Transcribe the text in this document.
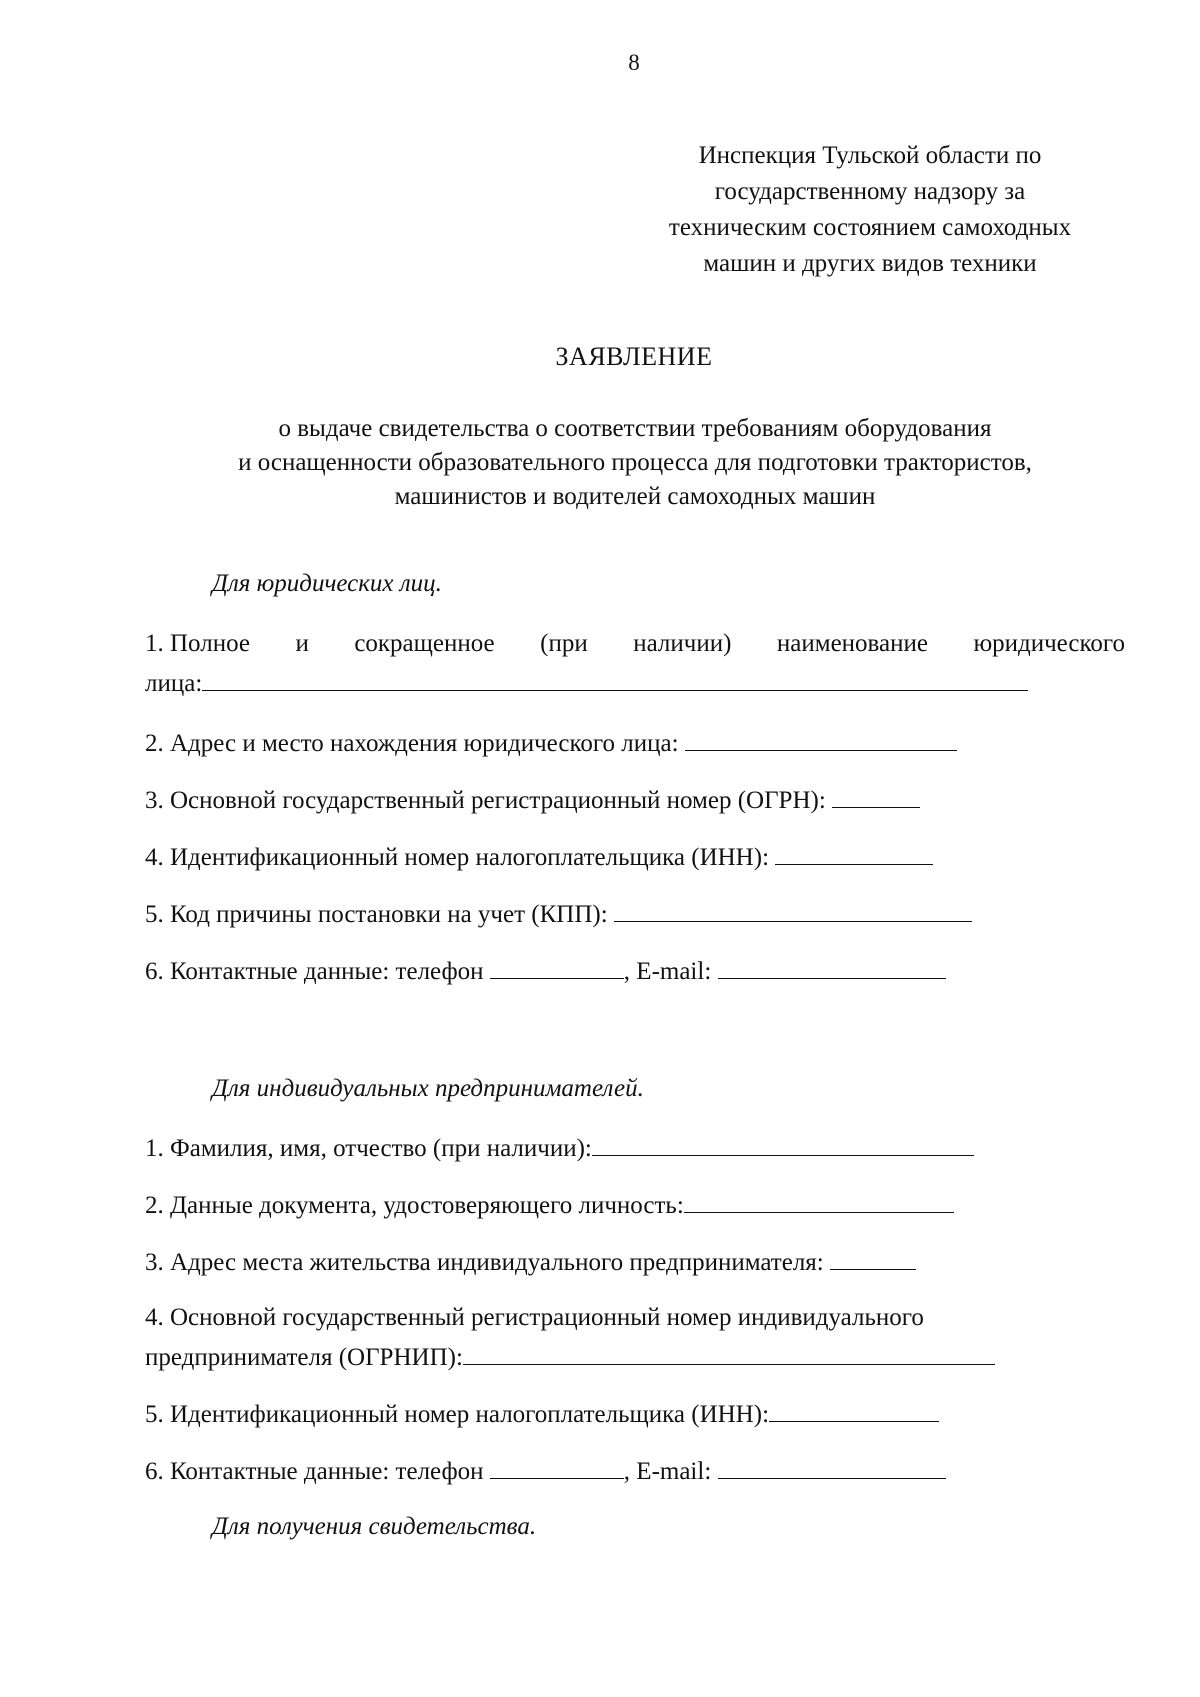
8
Инспекция Тульской области по
государственному надзору за
техническим состоянием самоходных
машин и других видов техники
ЗАЯВЛЕНИЕ
о выдаче свидетельства о соответствии требованиям оборудования
и оснащенности образовательного процесса для подготовки трактористов,
машинистов и водителей самоходных машин
Для юридических лиц.
1. Полное и сокращенное (при наличии) наименование юридического
лица:
2. Адрес и место нахождения юридического лица:
3. Основной государственный регистрационный номер (ОГРН):
4. Идентификационный номер налогоплательщика (ИНН):
5. Код причины постановки на учет (КПП):
6. Контактные данные: телефон	, E-mail:
Для индивидуальных предпринимателей.
1. Фамилия, имя, отчество (при наличии):
2. Данные документа, удостоверяющего личность:
3. Адрес места жительства индивидуального предпринимателя:
4. Основной государственный регистрационный номер индивидуального
предпринимателя (ОГРНИП):
5. Идентификационный номер налогоплательщика (ИНН):
6. Контактные данные: телефон	, E-mail:
Для получения свидетельства.
